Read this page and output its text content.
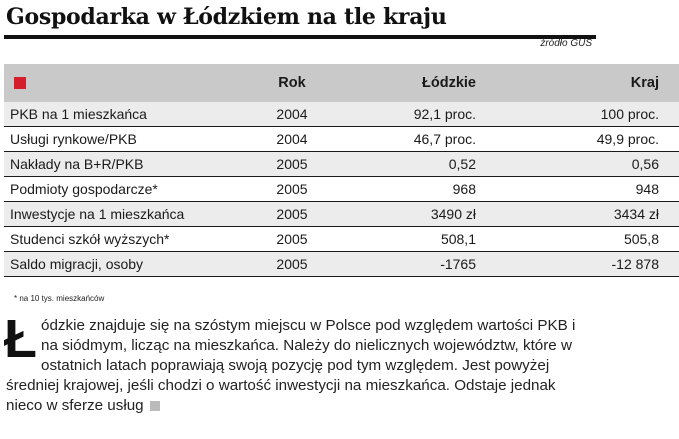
Gospodarka w Łódzkiem na tle kraju
źródło GUS
	Rok	Łódzkie	Kraj
PKB na 1 mieszkańca	2004	92,1 proc.	100 proc.
Usługi rynkowe/PKB	2004	46,7 proc.	49,9 proc.
Nakłady na B+R/PKB	2005	0,52	0,56
Podmioty gospodarcze*	2005	968	948
Inwestycje na 1 mieszkańca	2005	3490 zł	3434 zł
Studenci szkół wyższych*	2005	508,1	505,8
Saldo migracji, osoby	2005	-1765	-12 878
* na 10 tys. mieszkańców

Łódzkie znajduje się na szóstym miejscu w Polsce pod względem wartości PKB i na siódmym, licząc na mieszkańca. Należy do nielicznych województw, które w ostatnich latach poprawiają swoją pozycję pod tym względem. Jest powyżej średniej krajowej, jeśli chodzi o wartość inwestycji na mieszkańca. Odstaje jednak nieco w sferze usług
